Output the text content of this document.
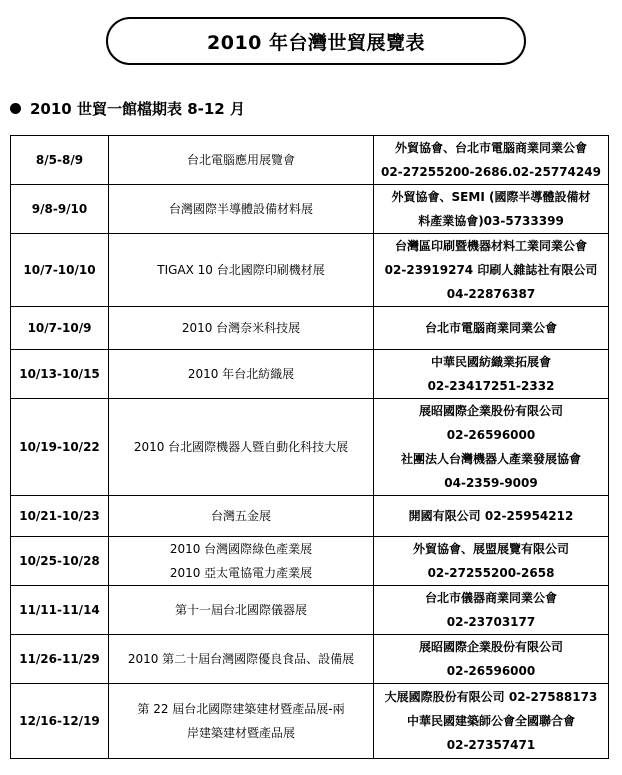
2010 年台灣世貿展覽表
2010 世貿一館檔期表 8-12 月
8/5-8/9	台北電腦應用展覽會	外貿協會、台北市電腦商業同業公會
02-27255200-2686.02-25774249

9/8-9/10	台灣國際半導體設備材料展	外貿協會、SEMI (國際半導體設備材
料產業協會)03-5733399

10/7-10/10	TIGAX 10 台北國際印刷機材展	台灣區印刷暨機器材料工業同業公會
02-23919274 印刷人雜誌社有限公司
04-22876387

10/7-10/9	2010 台灣奈米科技展	台北市電腦商業同業公會

10/13-10/15	2010 年台北紡織展	中華民國紡織業拓展會
02-23417251-2332

10/19-10/22	2010 台北國際機器人暨自動化科技大展	展昭國際企業股份有限公司
02-26596000
社團法人台灣機器人產業發展協會
04-2359-9009

10/21-10/23	台灣五金展	開國有限公司 02-25954212

10/25-10/28	2010 台灣國際綠色產業展
2010 亞太電協電力產業展	外貿協會、展盟展覽有限公司
02-27255200-2658

11/11-11/14	第十一屆台北國際儀器展	台北市儀器商業同業公會
02-23703177

11/26-11/29	2010 第二十屆台灣國際優良食品、設備展	展昭國際企業股份有限公司
02-26596000

12/16-12/19	第 22 屆台北國際建築建材暨產品展-兩
岸建築建材暨產品展	大展國際股份有限公司 02-27588173
中華民國建築師公會全國聯合會
02-27357471
